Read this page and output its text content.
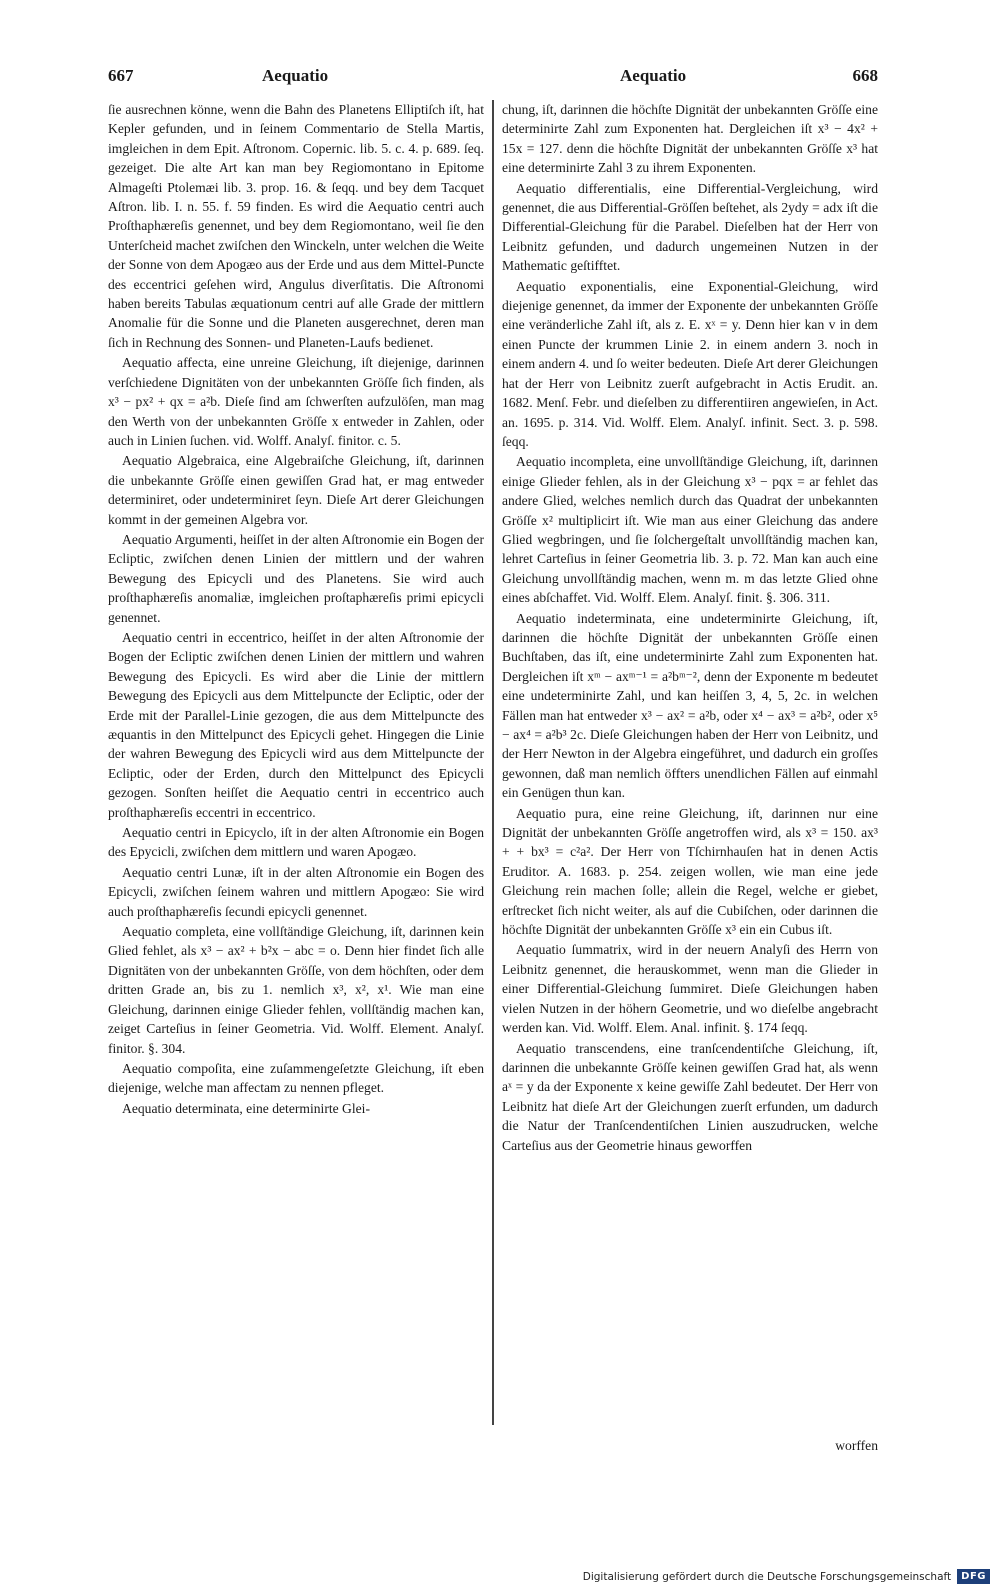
667	Aequatio	Aequatio	668

ſie ausrechnen könne, wenn die Bahn des Planetens Elliptiſch iſt, hat Kepler gefunden, und in ſeinem Commentario de Stella Martis, imgleichen in dem Epit. Aſtronom. Copernic. lib. 5. c. 4. p. 689. ſeq. gezeiget. Die alte Art kan man bey Regiomontano in Epitome Almageſti Ptolemæi lib. 3. prop. 16. & ſeqq. und bey dem Tacquet Aſtron. lib. I. n. 55. f. 59 finden. Es wird die Aequatio centri auch Proſthaphæreſis genennet, und bey dem Regiomontano, weil ſie den Unterſcheid machet zwiſchen den Winckeln, unter welchen die Weite der Sonne von dem Apogæo aus der Erde und aus dem Mittel-Puncte des eccentrici geſehen wird, Angulus diverſitatis. Die Aſtronomi haben bereits Tabulas æquationum centri auf alle Grade der mittlern Anomalie für die Sonne und die Planeten ausgerechnet, deren man ſich in Rechnung des Sonnen- und Planeten-Laufs bedienet.

Aequatio affecta, eine unreine Gleichung, iſt diejenige, darinnen verſchiedene Dignitäten von der unbekannten Gröſſe ſich finden, als x³ − px² + qx = a²b. Dieſe ſind am ſchwerſten aufzulöſen, man mag den Werth von der unbekannten Gröſſe x entweder in Zahlen, oder auch in Linien ſuchen. vid. Wolff. Analyſ. finitor. c. 5.

Aequatio Algebraica, eine Algebraiſche Gleichung, iſt, darinnen die unbekannte Gröſſe einen gewiſſen Grad hat, er mag entweder determiniret, oder undeterminiret ſeyn. Dieſe Art derer Gleichungen kommt in der gemeinen Algebra vor.

Aequatio Argumenti, heiſſet in der alten Aſtronomie ein Bogen der Ecliptic, zwiſchen denen Linien der mittlern und der wahren Bewegung des Epicycli und des Planetens. Sie wird auch proſthaphæreſis anomaliæ, imgleichen proſtaphæreſis primi epicycli genennet.

Aequatio centri in eccentrico, heiſſet in der alten Aſtronomie der Bogen der Ecliptic zwiſchen denen Linien der mittlern und wahren Bewegung des Epicycli. Es wird aber die Linie der mittlern Bewegung des Epicycli aus dem Mittelpuncte der Ecliptic, oder der Erde mit der Parallel-Linie gezogen, die aus dem Mittelpuncte des æquantis in den Mittelpunct des Epicycli gehet. Hingegen die Linie der wahren Bewegung des Epicycli wird aus dem Mittelpuncte der Ecliptic, oder der Erden, durch den Mittelpunct des Epicycli gezogen. Sonſten heiſſet die Aequatio centri in eccentrico auch proſthaphæreſis eccentri in eccentrico.

Aequatio centri in Epicyclo, iſt in der alten Aſtronomie ein Bogen des Epycicli, zwiſchen dem mittlern und waren Apogæo.

Aequatio centri Lunæ, iſt in der alten Aſtronomie ein Bogen des Epicycli, zwiſchen ſeinem wahren und mittlern Apogæo: Sie wird auch proſthaphæreſis ſecundi epicycli genennet.

Aequatio completa, eine vollſtändige Gleichung, iſt, darinnen kein Glied fehlet, als x³ − ax² + b²x − abc = o. Denn hier findet ſich alle Dignitäten von der unbekannten Gröſſe, von dem höchſten, oder dem dritten Grade an, bis zu 1. nemlich x³, x², x¹. Wie man eine Gleichung, darinnen einige Glieder fehlen, vollſtändig machen kan, zeiget Carteſius in ſeiner Geometria. Vid. Wolff. Element. Analyſ. finitor. §. 304.

Aequatio compoſita, eine zuſammengeſetzte Gleichung, iſt eben diejenige, welche man affectam zu nennen pfleget.

Aequatio determinata, eine determinirte Glei-

chung, iſt, darinnen die höchſte Dignität der unbekannten Gröſſe eine determinirte Zahl zum Exponenten hat. Dergleichen iſt x³ − 4x² + 15x = 127. denn die höchſte Dignität der unbekannten Gröſſe x³ hat eine determinirte Zahl 3 zu ihrem Exponenten.

Aequatio differentialis, eine Differential-Vergleichung, wird genennet, die aus Differential-Gröſſen beſtehet, als 2ydy = adx iſt die Differential-Gleichung für die Parabel. Dieſelben hat der Herr von Leibnitz gefunden, und dadurch ungemeinen Nutzen in der Mathematic geſtifftet.

Aequatio exponentialis, eine Exponential-Gleichung, wird diejenige genennet, da immer der Exponente der unbekannten Gröſſe eine veränderliche Zahl iſt, als z. E. xˣ = y. Denn hier kan v in dem einen Puncte der krummen Linie 2. in einem andern 3. noch in einem andern 4. und ſo weiter bedeuten. Dieſe Art derer Gleichungen hat der Herr von Leibnitz zuerſt aufgebracht in Actis Erudit. an. 1682. Menſ. Febr. und dieſelben zu differentiiren angewieſen, in Act. an. 1695. p. 314. Vid. Wolff. Elem. Analyſ. infinit. Sect. 3. p. 598. ſeqq.

Aequatio incompleta, eine unvollſtändige Gleichung, iſt, darinnen einige Glieder fehlen, als in der Gleichung x³ − pqx = ar fehlet das andere Glied, welches nemlich durch das Quadrat der unbekannten Gröſſe x² multiplicirt iſt. Wie man aus einer Gleichung das andere Glied wegbringen, und ſie ſolchergeſtalt unvollſtändig machen kan, lehret Carteſius in ſeiner Geometria lib. 3. p. 72. Man kan auch eine Gleichung unvollſtändig machen, wenn m. m das letzte Glied ohne eines abſchaffet. Vid. Wolff. Elem. Analyſ. finit. §. 306. 311.

Aequatio indeterminata, eine undeterminirte Gleichung, iſt, darinnen die höchſte Dignität der unbekannten Gröſſe einen Buchſtaben, das iſt, eine undeterminirte Zahl zum Exponenten hat. Dergleichen iſt xᵐ − axᵐ⁻¹ = a²bᵐ⁻², denn der Exponente m bedeutet eine undeterminirte Zahl, und kan heiſſen 3, 4, 5, 2c. in welchen Fällen man hat entweder x³ − ax² = a²b, oder x⁴ − ax³ = a²b², oder x⁵ − ax⁴ = a²b³ 2c. Dieſe Gleichungen haben der Herr von Leibnitz, und der Herr Newton in der Algebra eingeführet, und dadurch ein groſſes gewonnen, daß man nemlich öffters unendlichen Fällen auf einmahl ein Genügen thun kan.

Aequatio pura, eine reine Gleichung, iſt, darinnen nur eine Dignität der unbekannten Gröſſe angetroffen wird, als x³ = 150. ax³ + + bx³ = c²a². Der Herr von Tſchirnhauſen hat in denen Actis Eruditor. A. 1683. p. 254. zeigen wollen, wie man eine jede Gleichung rein machen ſolle; allein die Regel, welche er giebet, erſtrecket ſich nicht weiter, als auf die Cubiſchen, oder darinnen die höchſte Dignität der unbekannten Gröſſe x³ ein ein Cubus iſt.

Aequatio ſummatrix, wird in der neuern Analyſi des Herrn von Leibnitz genennet, die herauskommet, wenn man die Glieder in einer Differential-Gleichung ſummiret. Dieſe Gleichungen haben vielen Nutzen in der höhern Geometrie, und wo dieſelbe angebracht werden kan. Vid. Wolff. Elem. Anal. infinit. §. 174 ſeqq.

Aequatio transcendens, eine tranſcendentiſche Gleichung, iſt, darinnen die unbekannte Gröſſe keinen gewiſſen Grad hat, als wenn aˣ = y da der Exponente x keine gewiſſe Zahl bedeutet. Der Herr von Leibnitz hat dieſe Art der Gleichungen zuerſt erfunden, um dadurch die Natur der Tranſcendentiſchen Linien auszudrucken, welche Carteſius aus der Geometrie hinaus geworffen

worffen
Digitalisierung gefördert durch die Deutsche Forschungsgemeinschaft	DFG
